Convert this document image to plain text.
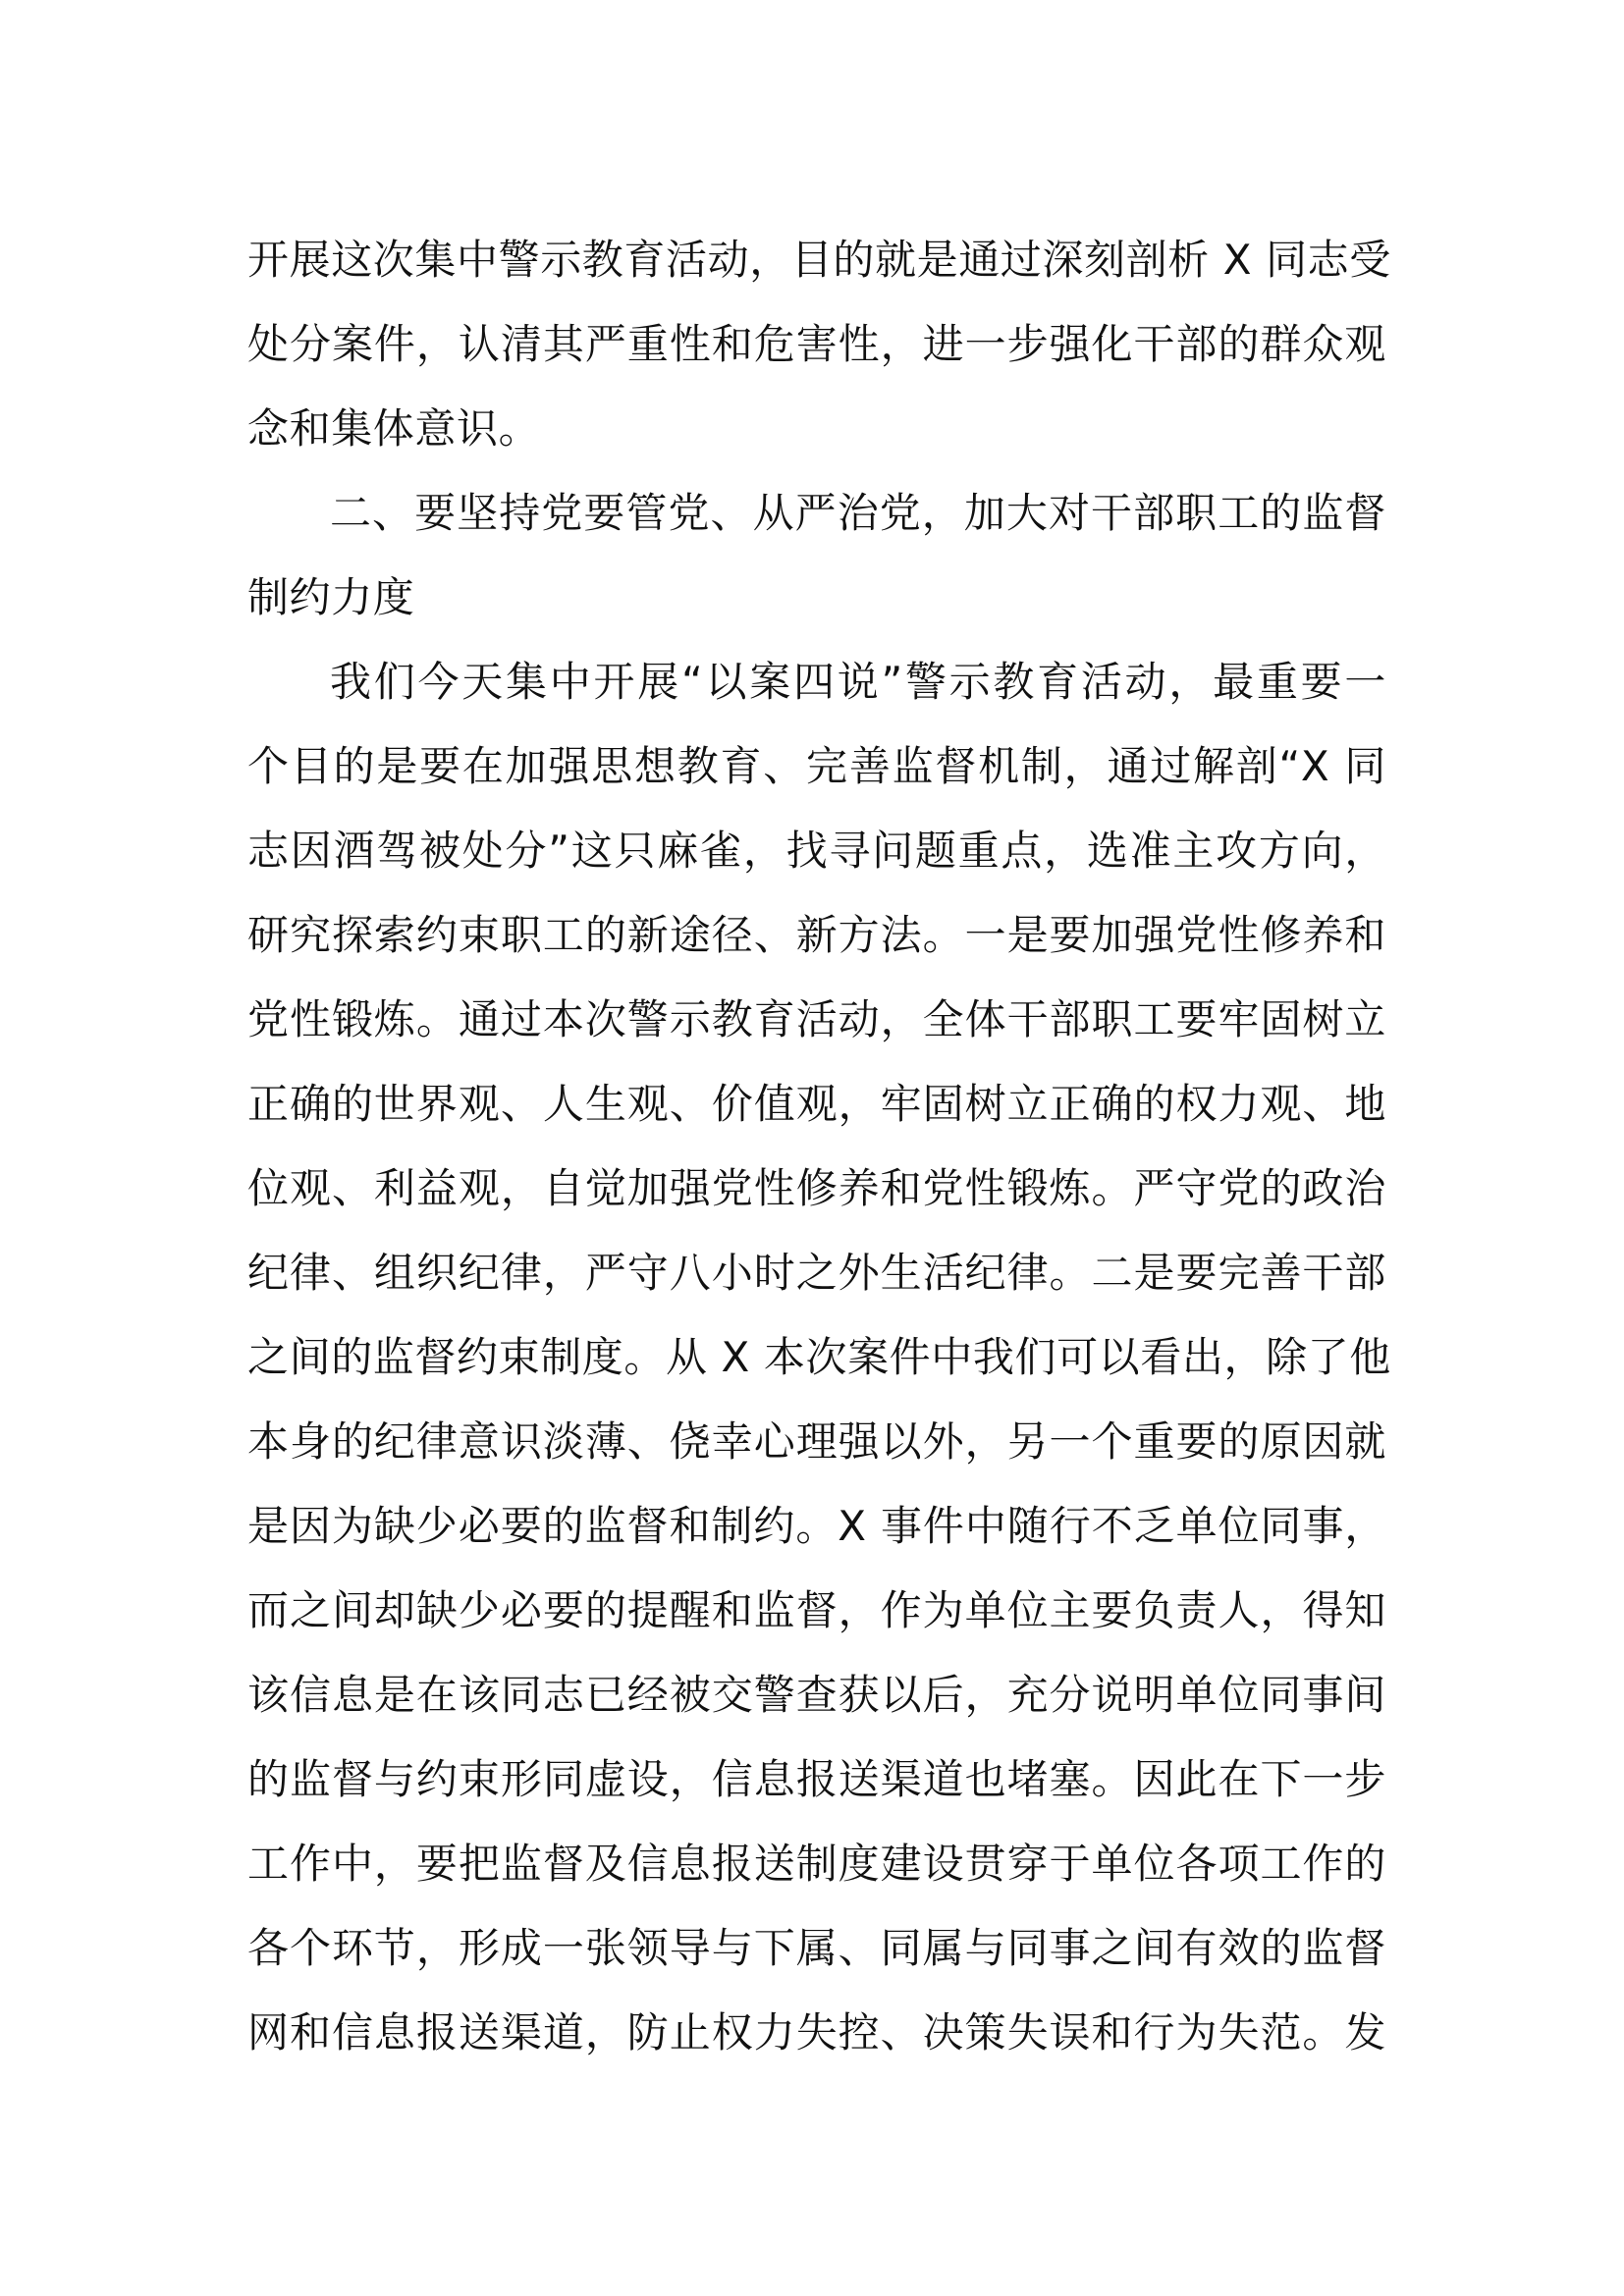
开展这次集中警示教育活动，目的就是通过深刻剖析 X 同志受
处分案件，认清其严重性和危害性，进一步强化干部的群众观
念和集体意识。
二、要坚持党要管党、从严治党，加大对干部职工的监督
制约力度
我们今天集中开展“以案四说”警示教育活动，最重要一
个目的是要在加强思想教育、完善监督机制，通过解剖“X 同
志因酒驾被处分”这只麻雀，找寻问题重点，选准主攻方向，
研究探索约束职工的新途径、新方法。一是要加强党性修养和
党性锻炼。通过本次警示教育活动，全体干部职工要牢固树立
正确的世界观、人生观、价值观，牢固树立正确的权力观、地
位观、利益观，自觉加强党性修养和党性锻炼。严守党的政治
纪律、组织纪律，严守八小时之外生活纪律。二是要完善干部
之间的监督约束制度。从 X 本次案件中我们可以看出，除了他
本身的纪律意识淡薄、侥幸心理强以外，另一个重要的原因就
是因为缺少必要的监督和制约。X 事件中随行不乏单位同事，
而之间却缺少必要的提醒和监督，作为单位主要负责人，得知
该信息是在该同志已经被交警查获以后，充分说明单位同事间
的监督与约束形同虚设，信息报送渠道也堵塞。因此在下一步
工作中，要把监督及信息报送制度建设贯穿于单位各项工作的
各个环节，形成一张领导与下属、同属与同事之间有效的监督
网和信息报送渠道，防止权力失控、决策失误和行为失范。发
